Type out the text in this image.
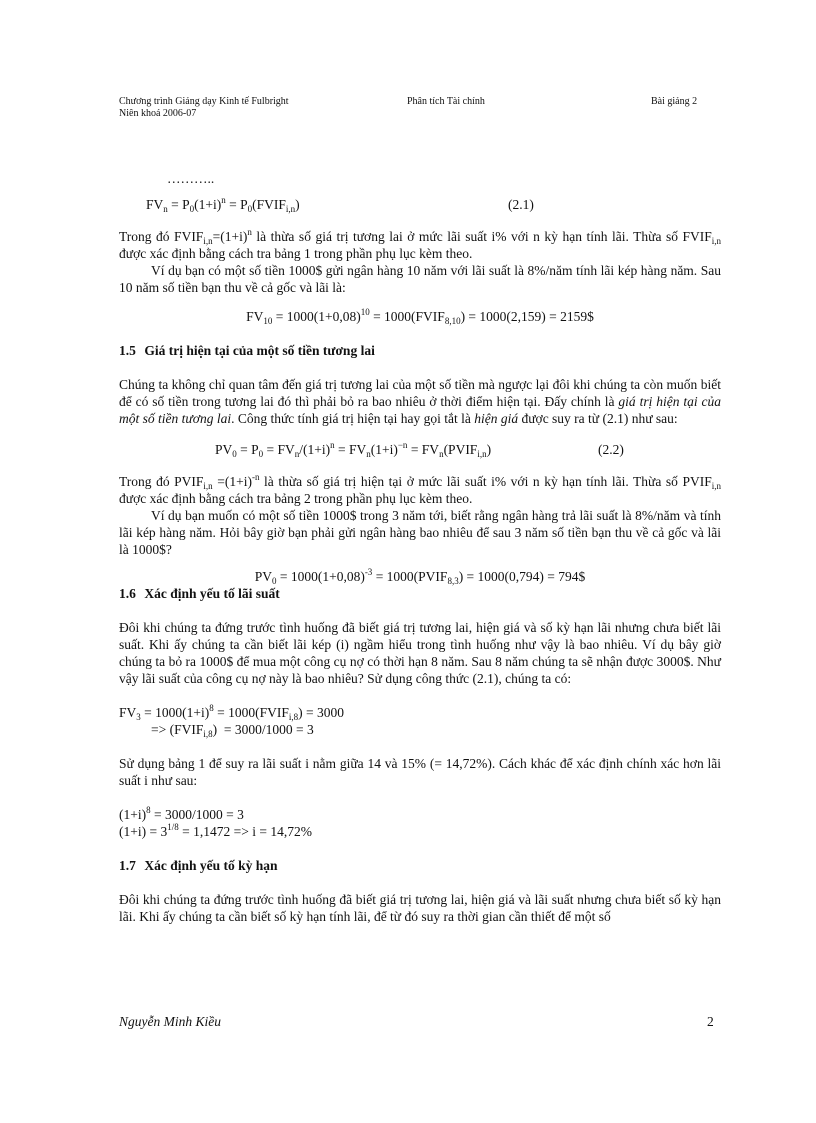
Chương trình Giảng dạy Kinh tế Fulbright
Niên khoá 2006-07
Phân tích Tài chính	Bài giảng 2
………..
$FV_n = P_0(1+i)^n$ = $P_0(FVIF_{i,n})$	(2.1)

Trong đó $FVIF_{i,n}=(1+i)^n$ là thừa số giá trị tương lai ở mức lãi suất i% với n kỳ hạn tính lãi. Thừa số $FVIF_{i,n}$ được xác định bằng cách tra bảng 1 trong phần phụ lục kèm theo.

Ví dụ bạn có một số tiền 1000$ gửi ngân hàng 10 năm với lãi suất là 8%/năm tính lãi kép hàng năm. Sau 10 năm số tiền bạn thu về cả gốc và lãi là:

$FV_{10} = 1000(1+0,08)^{10}$ = $1000(FVIF_{8,10}) = 1000(2,159)$ = 2159$
1.5 Giá trị hiện tại của một số tiền tương lai

Chúng ta không chỉ quan tâm đến giá trị tương lai của một số tiền mà ngược lại đôi khi chúng ta còn muốn biết để có số tiền trong tương lai đó thì phải bỏ ra bao nhiêu ở thời điểm hiện tại. Đấy chính là giá trị hiện tại của một số tiền tương lai. Công thức tính giá trị hiện tại hay gọi tắt là hiện giá được suy ra từ (2.1) như sau:

$PV_0 = P_0 = FV_n/(1+i)^n = FV_n(1+i)^{-n}$ = $FV_n(PVIF_{i,n})$	(2.2)

Trong đó $PVIF_{i,n} =(1+i)^{-n}$ là thừa số giá trị hiện tại ở mức lãi suất i% với n kỳ hạn tính lãi. Thừa số $PVIF_{i,n}$ được xác định bằng cách tra bảng 2 trong phần phụ lục kèm theo.

Ví dụ bạn muốn có một số tiền 1000$ trong 3 năm tới, biết rằng ngân hàng trả lãi suất là 8%/năm và tính lãi kép hàng năm. Hỏi bây giờ bạn phải gửi ngân hàng bao nhiêu để sau 3 năm số tiền bạn thu về cả gốc và lãi là 1000$?

$PV_0 = 1000(1+0,08)^{-3}$ = $1000(PVIF_{8,3}) = 1000(0,794)$ = 794$
1.6 Xác định yếu tố lãi suất

Đôi khi chúng ta đứng trước tình huống đã biết giá trị tương lai, hiện giá và số kỳ hạn lãi nhưng chưa biết lãi suất. Khi ấy chúng ta cần biết lãi kép (i) ngầm hiểu trong tình huống như vậy là bao nhiêu. Ví dụ bây giờ chúng ta bỏ ra 1000$ để mua một công cụ nợ có thời hạn 8 năm. Sau 8 năm chúng ta sẽ nhận được 3000$. Như vậy lãi suất của công cụ nợ này là bao nhiêu? Sử dụng công thức (2.1), chúng ta có:

$FV_3 = 1000(1+i)^8$ = $1000(FVIF_{i,8}) = 3000$
=> $(FVIF_{i,8}) = 3000/1000 = 3$

Sử dụng bảng 1 để suy ra lãi suất i nằm giữa 14 và 15% (= 14,72%). Cách khác để xác định chính xác hơn lãi suất i như sau:

$(1+i)^8 = 3000/1000 = 3$
$(1+i) = 3^{1/8} = 1,1472 => i = 14,72\%$
1.7 Xác định yếu tố kỳ hạn

Đôi khi chúng ta đứng trước tình huống đã biết giá trị tương lai, hiện giá và lãi suất nhưng chưa biết số kỳ hạn lãi. Khi ấy chúng ta cần biết số kỳ hạn tính lãi, để từ đó suy ra thời gian cần thiết để một số

Nguyễn Minh Kiều	2
